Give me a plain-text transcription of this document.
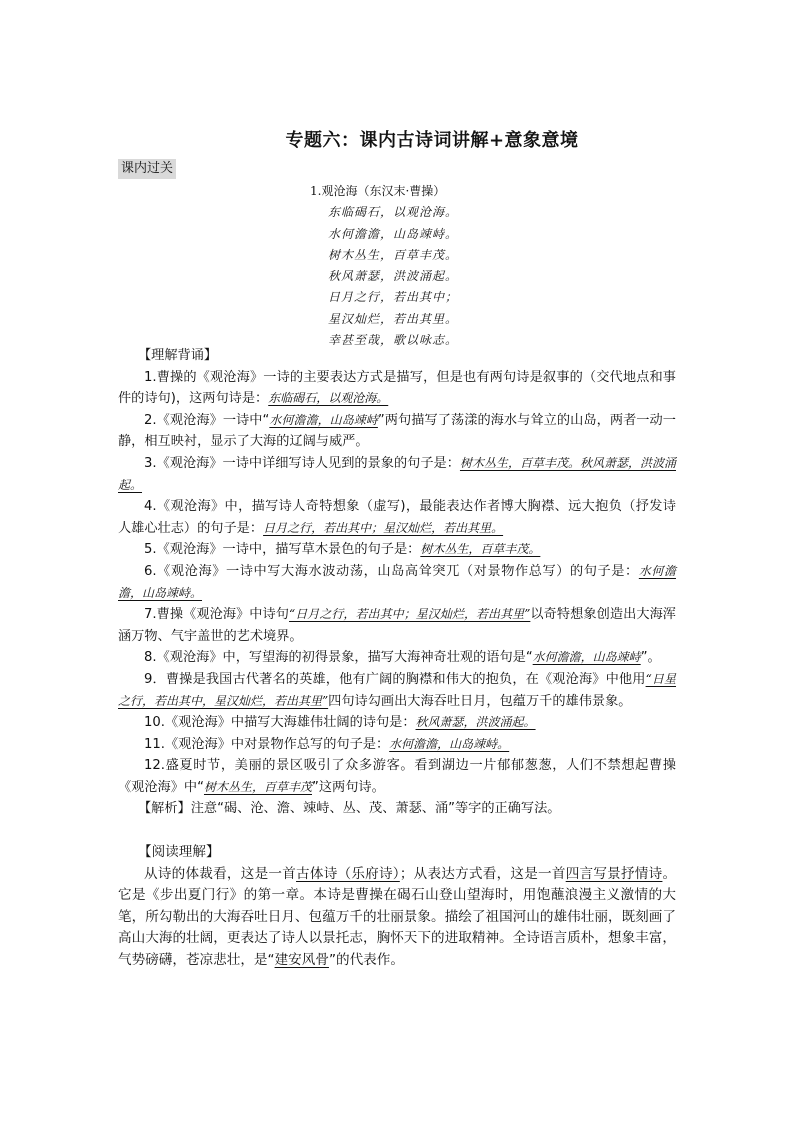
专题六：课内古诗词讲解+意象意境
课内过关
1.观沧海（东汉末·曹操）
东临碣石，以观沧海。
水何澹澹，山岛竦峙。
树木丛生，百草丰茂。
秋风萧瑟，洪波涌起。
日月之行，若出其中；
星汉灿烂，若出其里。
幸甚至哉，歌以咏志。

【理解背诵】

1.曹操的《观沧海》一诗的主要表达方式是描写，但是也有两句诗是叙事的（交代地点和事件的诗句)，这两句诗是：东临碣石，以观沧海。

2.《观沧海》一诗中“水何澹澹，山岛竦峙”两句描写了荡漾的海水与耸立的山岛，两者一动一静，相互映衬，显示了大海的辽阔与威严。

3.《观沧海》一诗中详细写诗人见到的景象的句子是：树木丛生，百草丰茂。秋风萧瑟，洪波涌起。

4.《观沧海》中，描写诗人奇特想象（虚写)，最能表达作者博大胸襟、远大抱负（抒发诗人雄心壮志）的句子是：日月之行，若出其中；星汉灿烂，若出其里。

5.《观沧海》一诗中，描写草木景色的句子是：树木丛生，百草丰茂。

6.《观沧海》一诗中写大海水波动荡，山岛高耸突兀（对景物作总写）的句子是：水何澹澹，山岛竦峙。

7.曹操《观沧海》中诗句“日月之行，若出其中；星汉灿烂，若出其里”以奇特想象创造出大海浑涵万物、气宇盖世的艺术境界。

8.《观沧海》中，写望海的初得景象，描写大海神奇壮观的语句是“水何澹澹，山岛竦峙”。

9．曹操是我国古代著名的英雄，他有广阔的胸襟和伟大的抱负，在《观沧海》中他用“日星之行，若出其中，星汉灿烂，若出其里”四句诗勾画出大海吞吐日月，包蕴万千的雄伟景象。

10.《观沧海》中描写大海雄伟壮阔的诗句是：秋风萧瑟，洪波涌起。

11.《观沧海》中对景物作总写的句子是：水何澹澹，山岛竦峙。

12.盛夏时节，美丽的景区吸引了众多游客。看到湖边一片郁郁葱葱，人们不禁想起曹操《观沧海》中“树木丛生，百草丰茂”这两句诗。

【解析】注意“碣、沧、澹、竦峙、丛、茂、萧瑟、涌”等字的正确写法。

【阅读理解】

从诗的体裁看，这是一首古体诗（乐府诗）；从表达方式看，这是一首四言写景抒情诗。它是《步出夏门行》的第一章。本诗是曹操在碣石山登山望海时，用饱蘸浪漫主义激情的大笔，所勾勒出的大海吞吐日月、包蕴万千的壮丽景象。描绘了祖国河山的雄伟壮丽，既刻画了高山大海的壮阔，更表达了诗人以景托志，胸怀天下的进取精神。全诗语言质朴，想象丰富，气势磅礴，苍凉悲壮，是“建安风骨”的代表作。
